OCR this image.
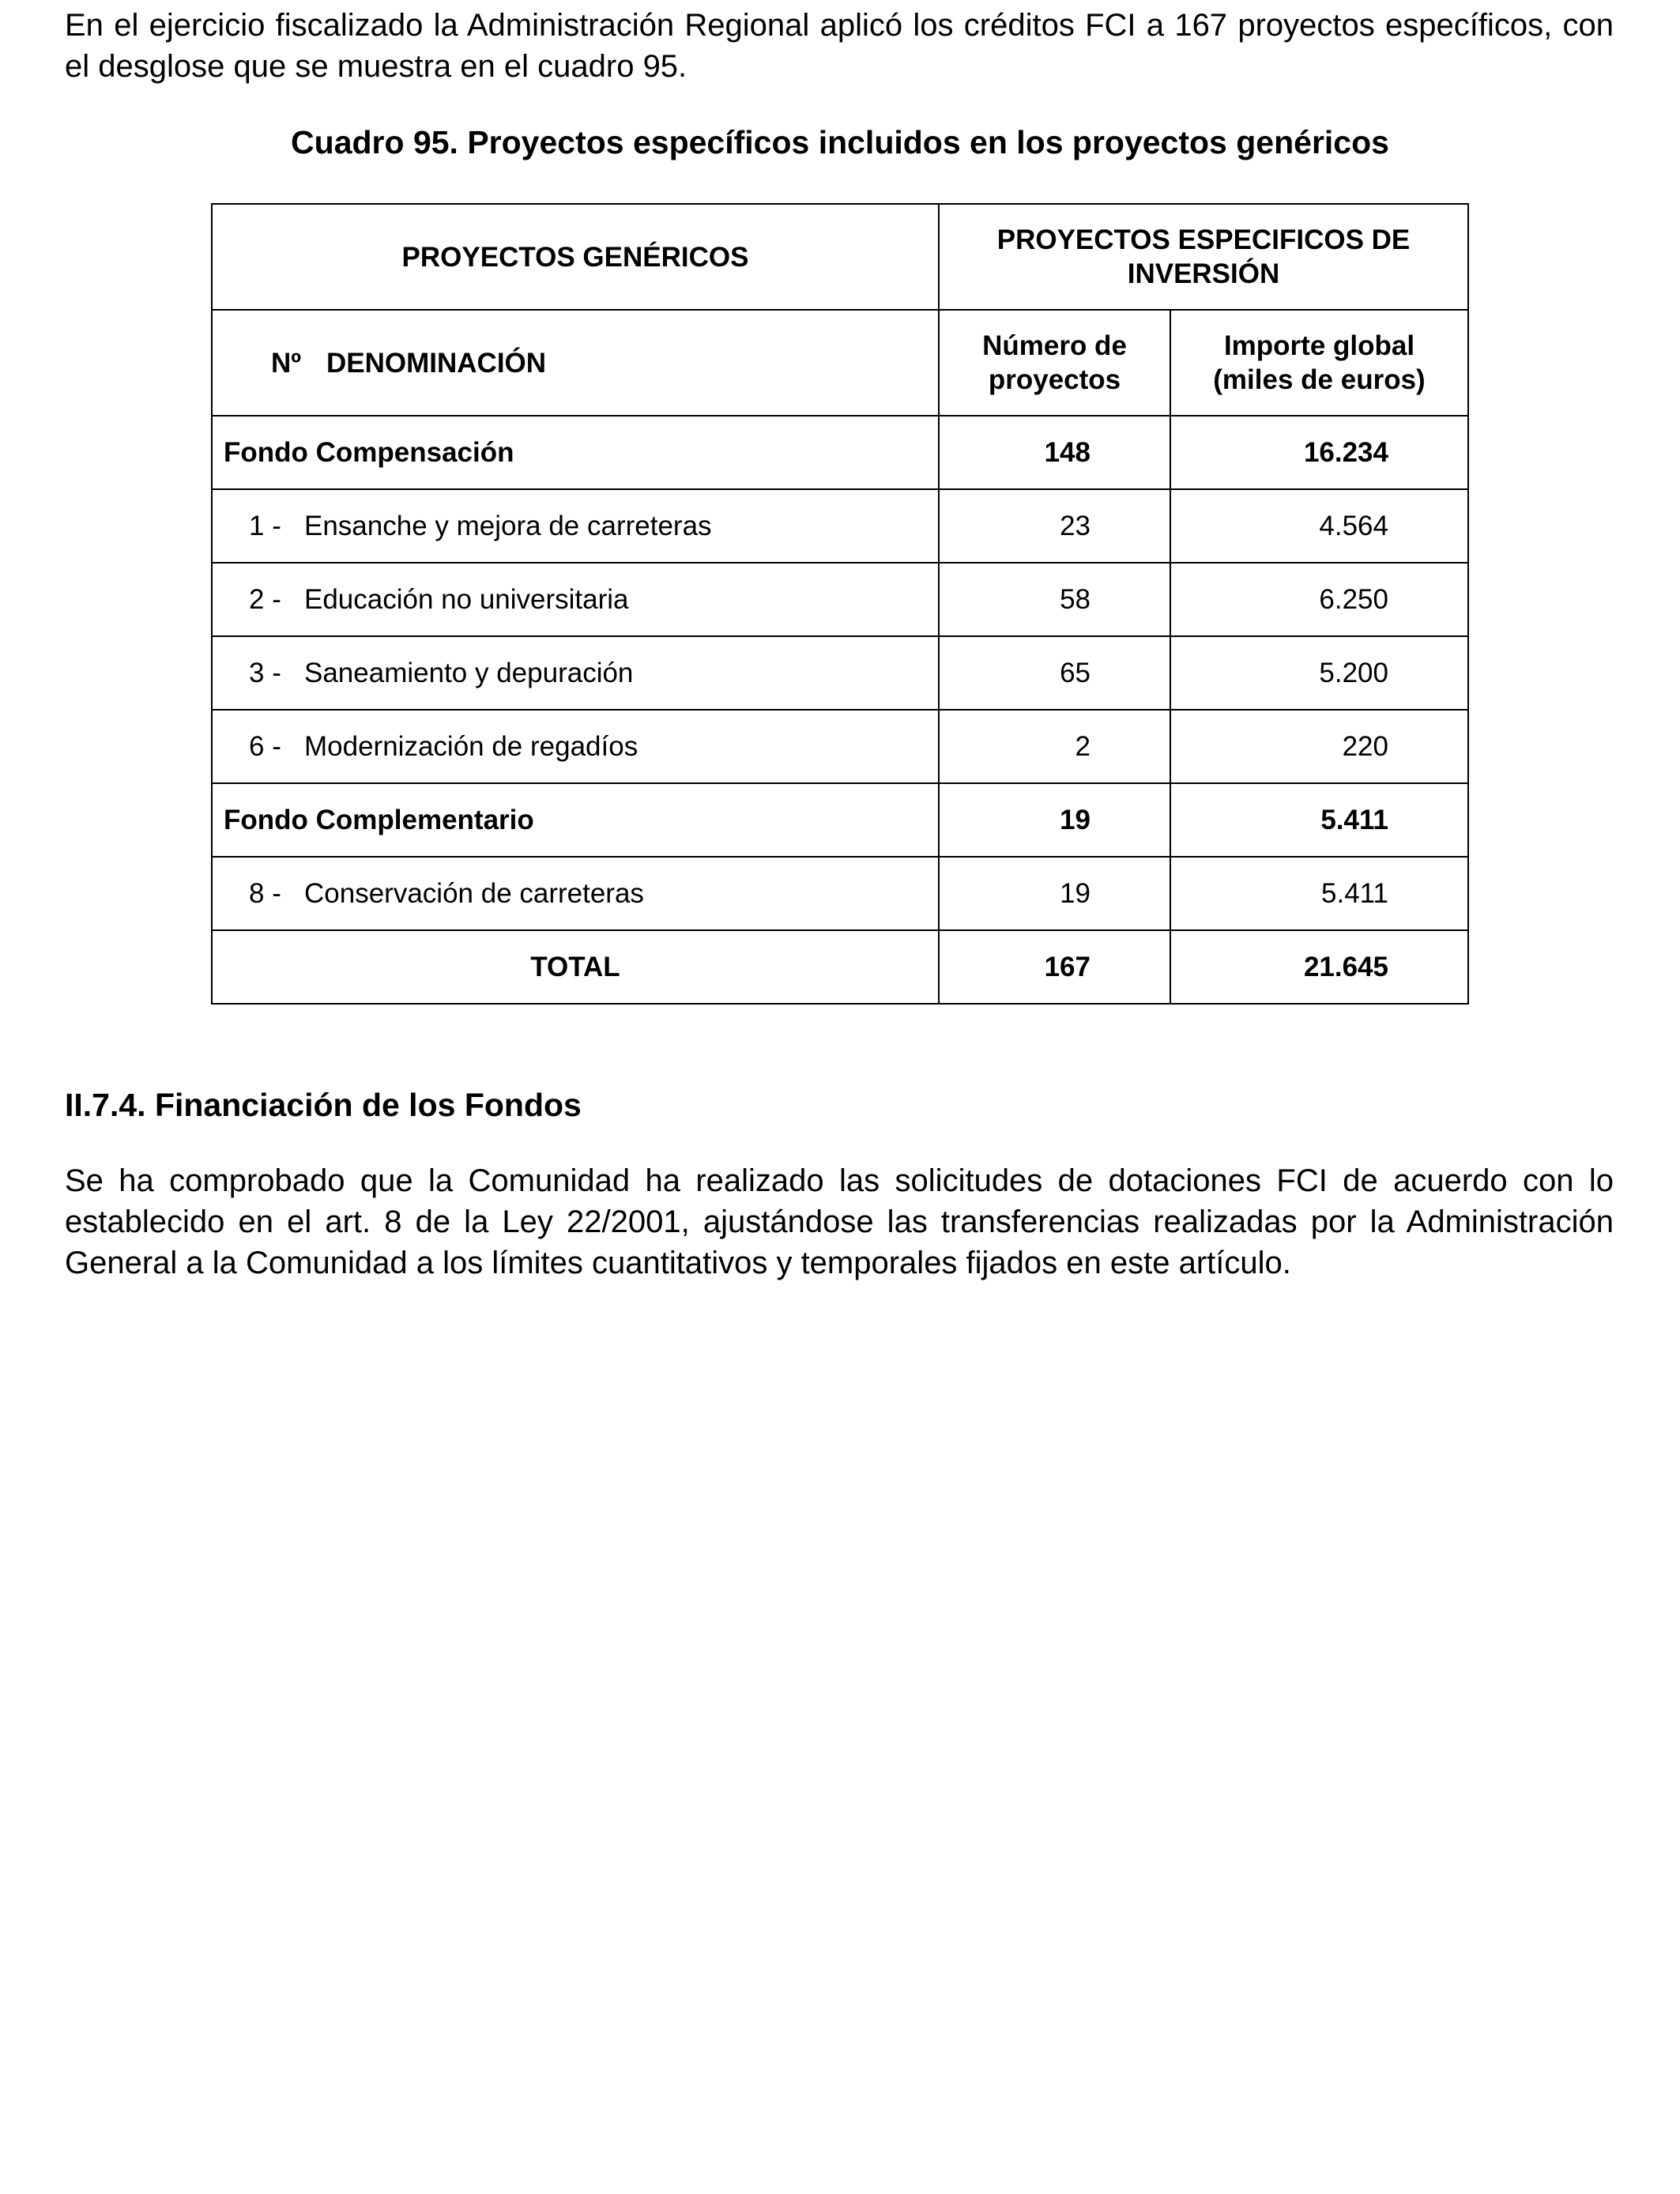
En el ejercicio fiscalizado la Administración Regional aplicó los créditos FCI a 167 proyectos específicos, con el desglose que se muestra en el cuadro 95.

Cuadro 95. Proyectos específicos incluidos en los proyectos genéricos

PROYECTOS GENÉRICOS	PROYECTOS ESPECIFICOS DE INVERSIÓN	
Nº DENOMINACIÓN	Número de proyectos	Importe global (miles de euros)
Fondo Compensación	148	16.234
1 - Ensanche y mejora de carreteras	23	4.564
2 - Educación no universitaria	58	6.250
3 - Saneamiento y depuración	65	5.200
6 - Modernización de regadíos	2	220
Fondo Complementario	19	5.411
8 - Conservación de carreteras	19	5.411
TOTAL	167	21.645

II.7.4. Financiación de los Fondos

Se ha comprobado que la Comunidad ha realizado las solicitudes de dotaciones FCI de acuerdo con lo establecido en el art. 8 de la Ley 22/2001, ajustándose las transferencias realizadas por la Administración General a la Comunidad a los límites cuantitativos y temporales fijados en este artículo.
